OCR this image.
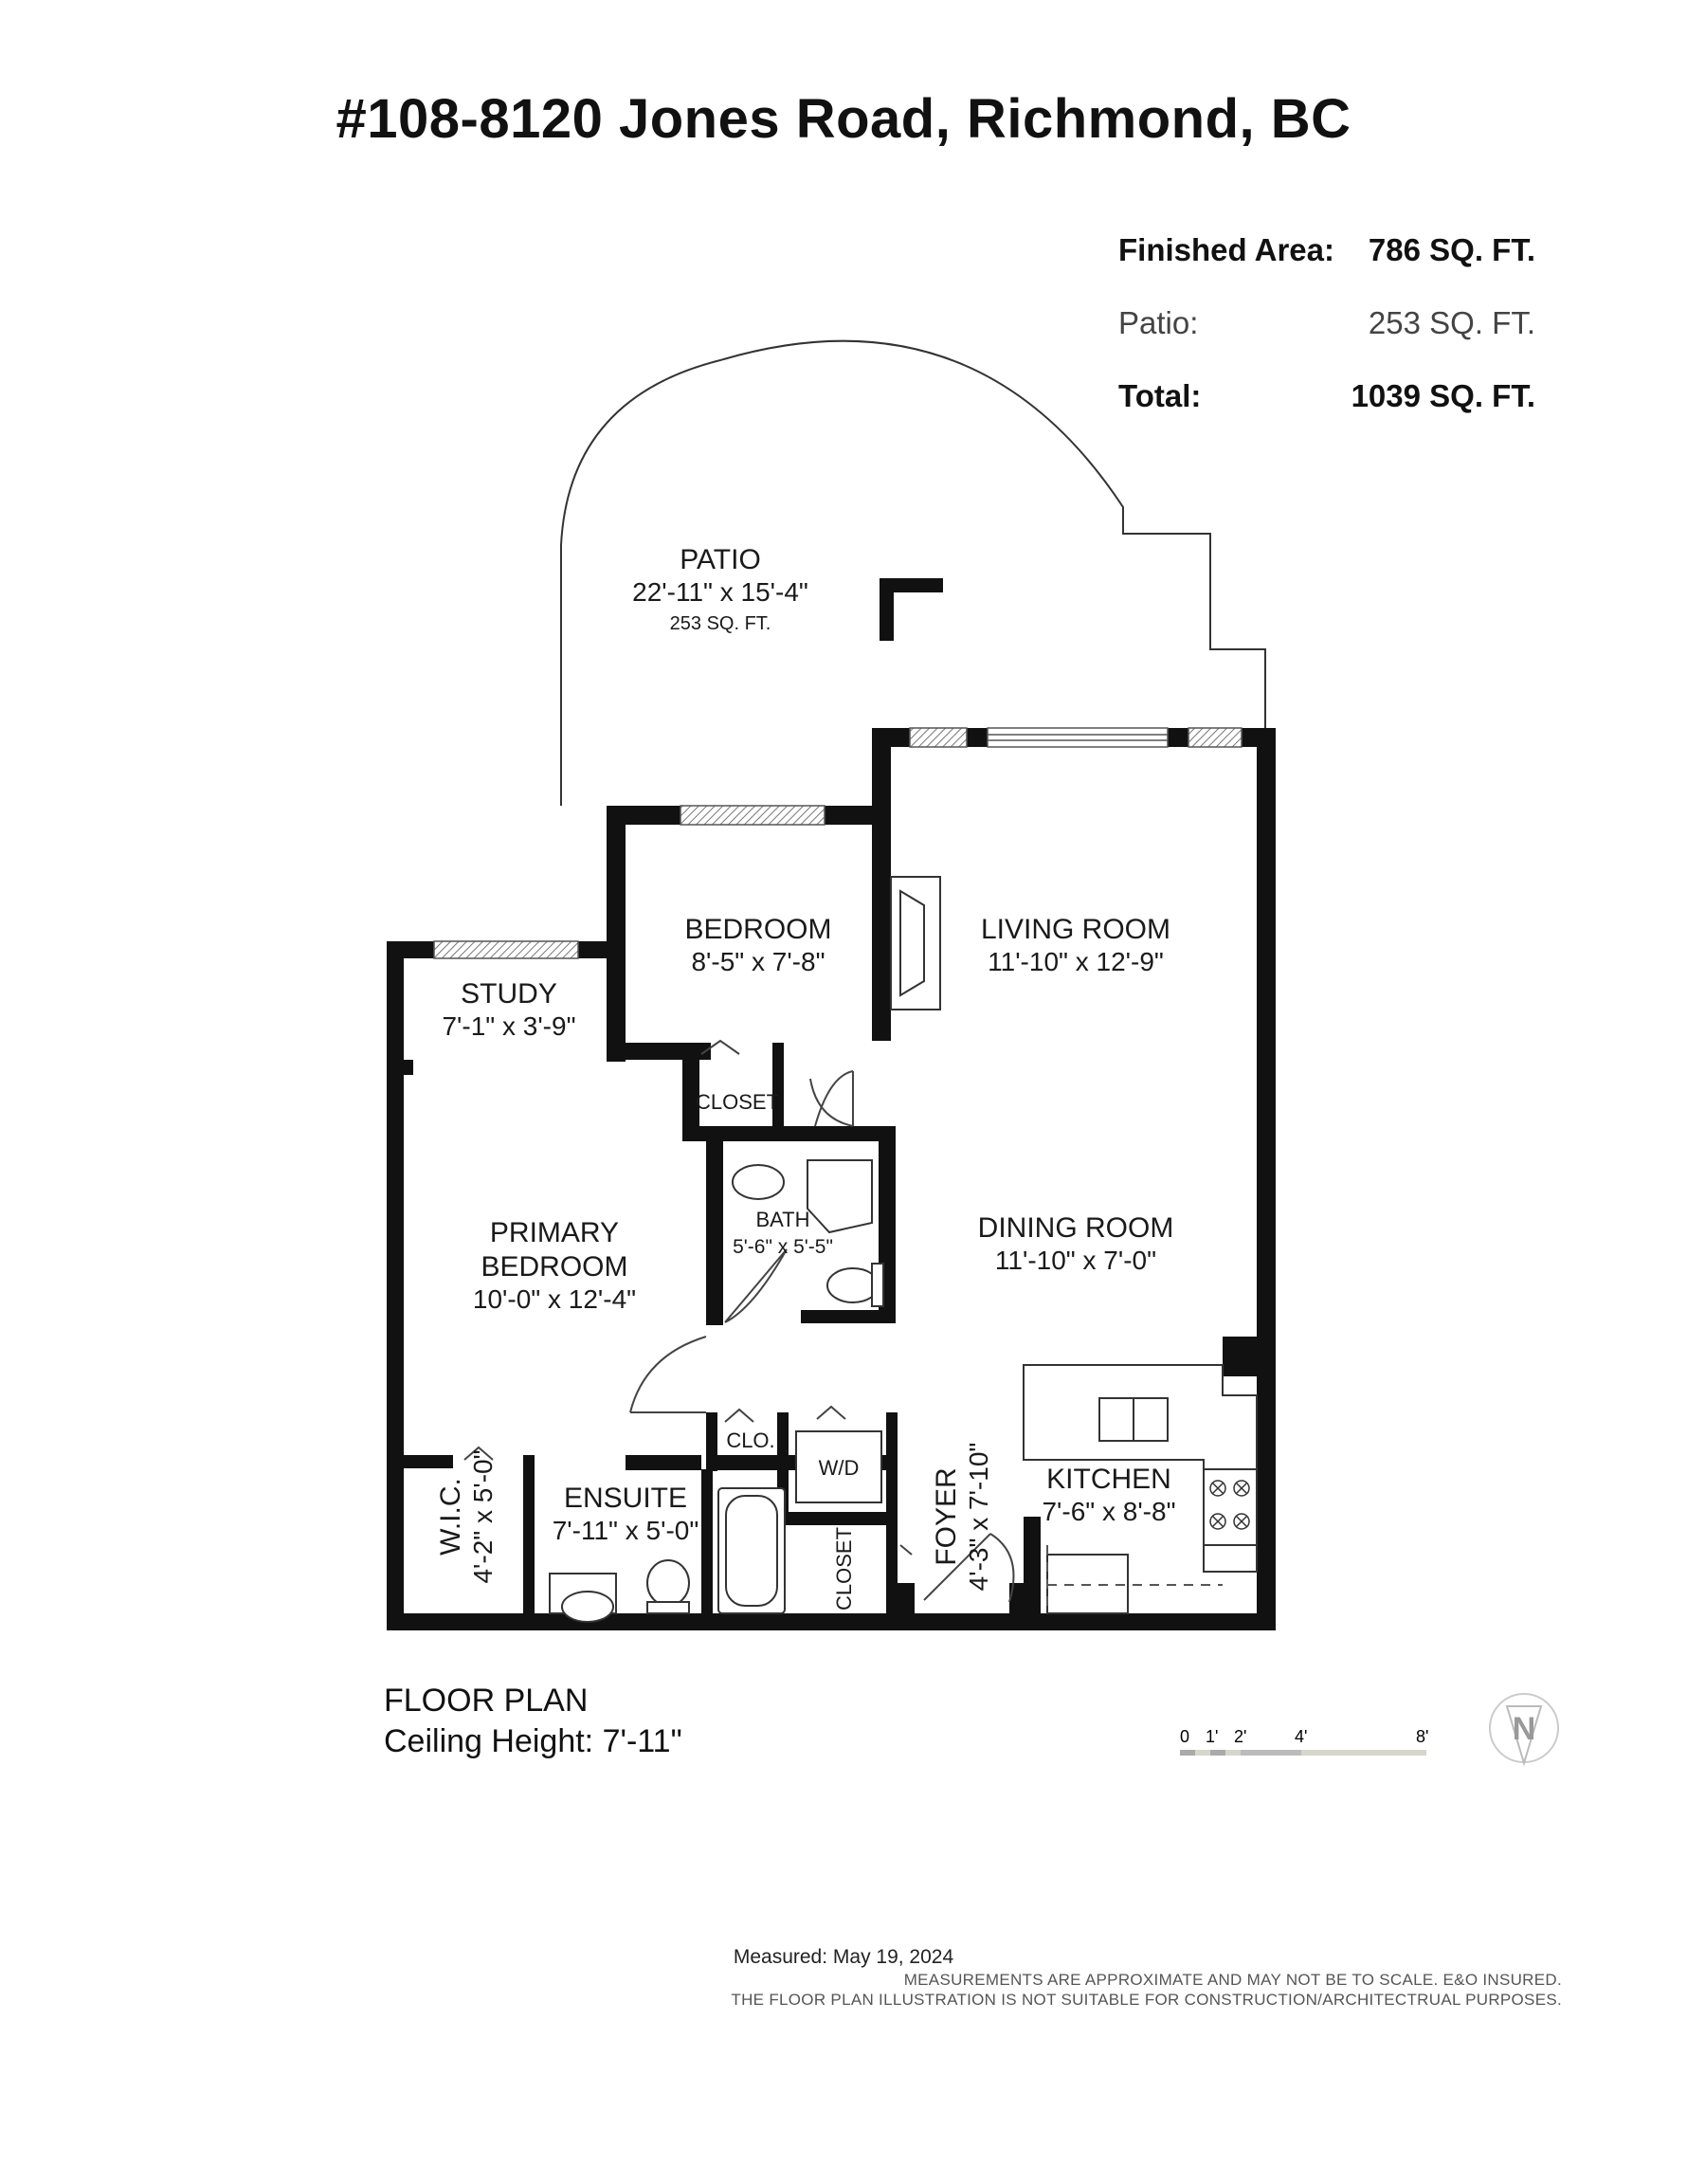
#108-8120 Jones Road, Richmond, BC
Finished Area: 786 SQ. FT.
Patio:	253 SQ. FT.
Total:	1039 SQ. FT.
PATIO
22'-11" x 15'-4"
253 SQ. FT.
BEDROOM
8'-5" x 7'-8"
LIVING ROOM
11'-10" x 12'-9"
STUDY
7'-1" x 3'-9"
CLOSET
BATH
5'-6" x 5'-5"
DINING ROOM
11'-10" x 7'-0"
PRIMARY
BEDROOM
10'-0" x 12'-4"
CLO.
W/D	KITCHEN
7'-6" x 8'-8"
ENSUITE
7'-11" x 5'-0"	FOYER 4'-3" x 7'-10"
W.I.C. 4'-2" x 5'-0"	CLOSET
0 1' 2'	4'	8'	N
FLOOR PLAN
Ceiling Height: 7'-11"
Measured: May 19, 2024
MEASUREMENTS ARE APPROXIMATE AND MAY NOT BE TO SCALE. E&O INSURED.
THE FLOOR PLAN ILLUSTRATION IS NOT SUITABLE FOR CONSTRUCTION/ARCHITECTRUAL PURPOSES.
